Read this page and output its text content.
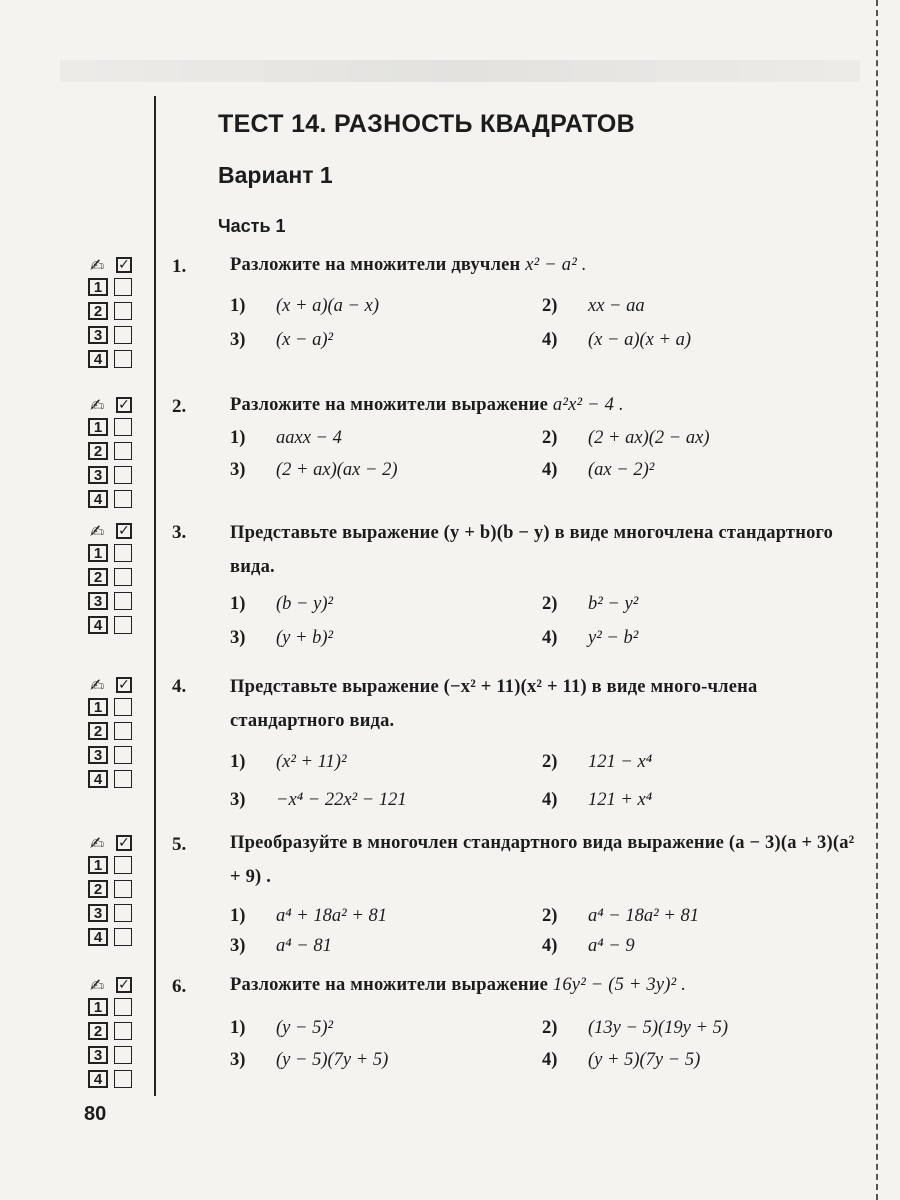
ТЕСТ 14. РАЗНОСТЬ КВАДРАТОВ
Вариант 1
Часть 1
✍ ✓
1
2
3
4
1. Разложите на множители двучлен x² − a² .
1) (x + a)(a − x)	2) xx − aa
3) (x − a)²	4) (x − a)(x + a)
✍ ✓
1
2
3
4
2. Разложите на множители выражение a²x² − 4 .
1) aaxx − 4	2) (2 + ax)(2 − ax)
3) (2 + ax)(ax − 2)	4) (ax − 2)²
✍ ✓
1
2
3
4
3. Представьте выражение (y + b)(b − y) в виде многочлена стандартного вида.
1) (b − y)²	2) b² − y²
3) (y + b)²	4) y² − b²
✍ ✓
1
2
3
4
4. Представьте выражение (−x² + 11)(x² + 11) в виде много-члена стандартного вида.
1) (x² + 11)²	2) 121 − x⁴
3) −x⁴ − 22x² − 121	4) 121 + x⁴
✍ ✓
1
2
3
4
5. Преобразуйте в многочлен стандартного вида выражение (a − 3)(a + 3)(a² + 9) .
1) a⁴ + 18a² + 81	2) a⁴ − 18a² + 81
3) a⁴ − 81	4) a⁴ − 9
✍ ✓
1
2
3
4
6. Разложите на множители выражение 16y² − (5 + 3y)² .
1) (y − 5)²	2) (13y − 5)(19y + 5)
3) (y − 5)(7y + 5)	4) (y + 5)(7y − 5)
80
